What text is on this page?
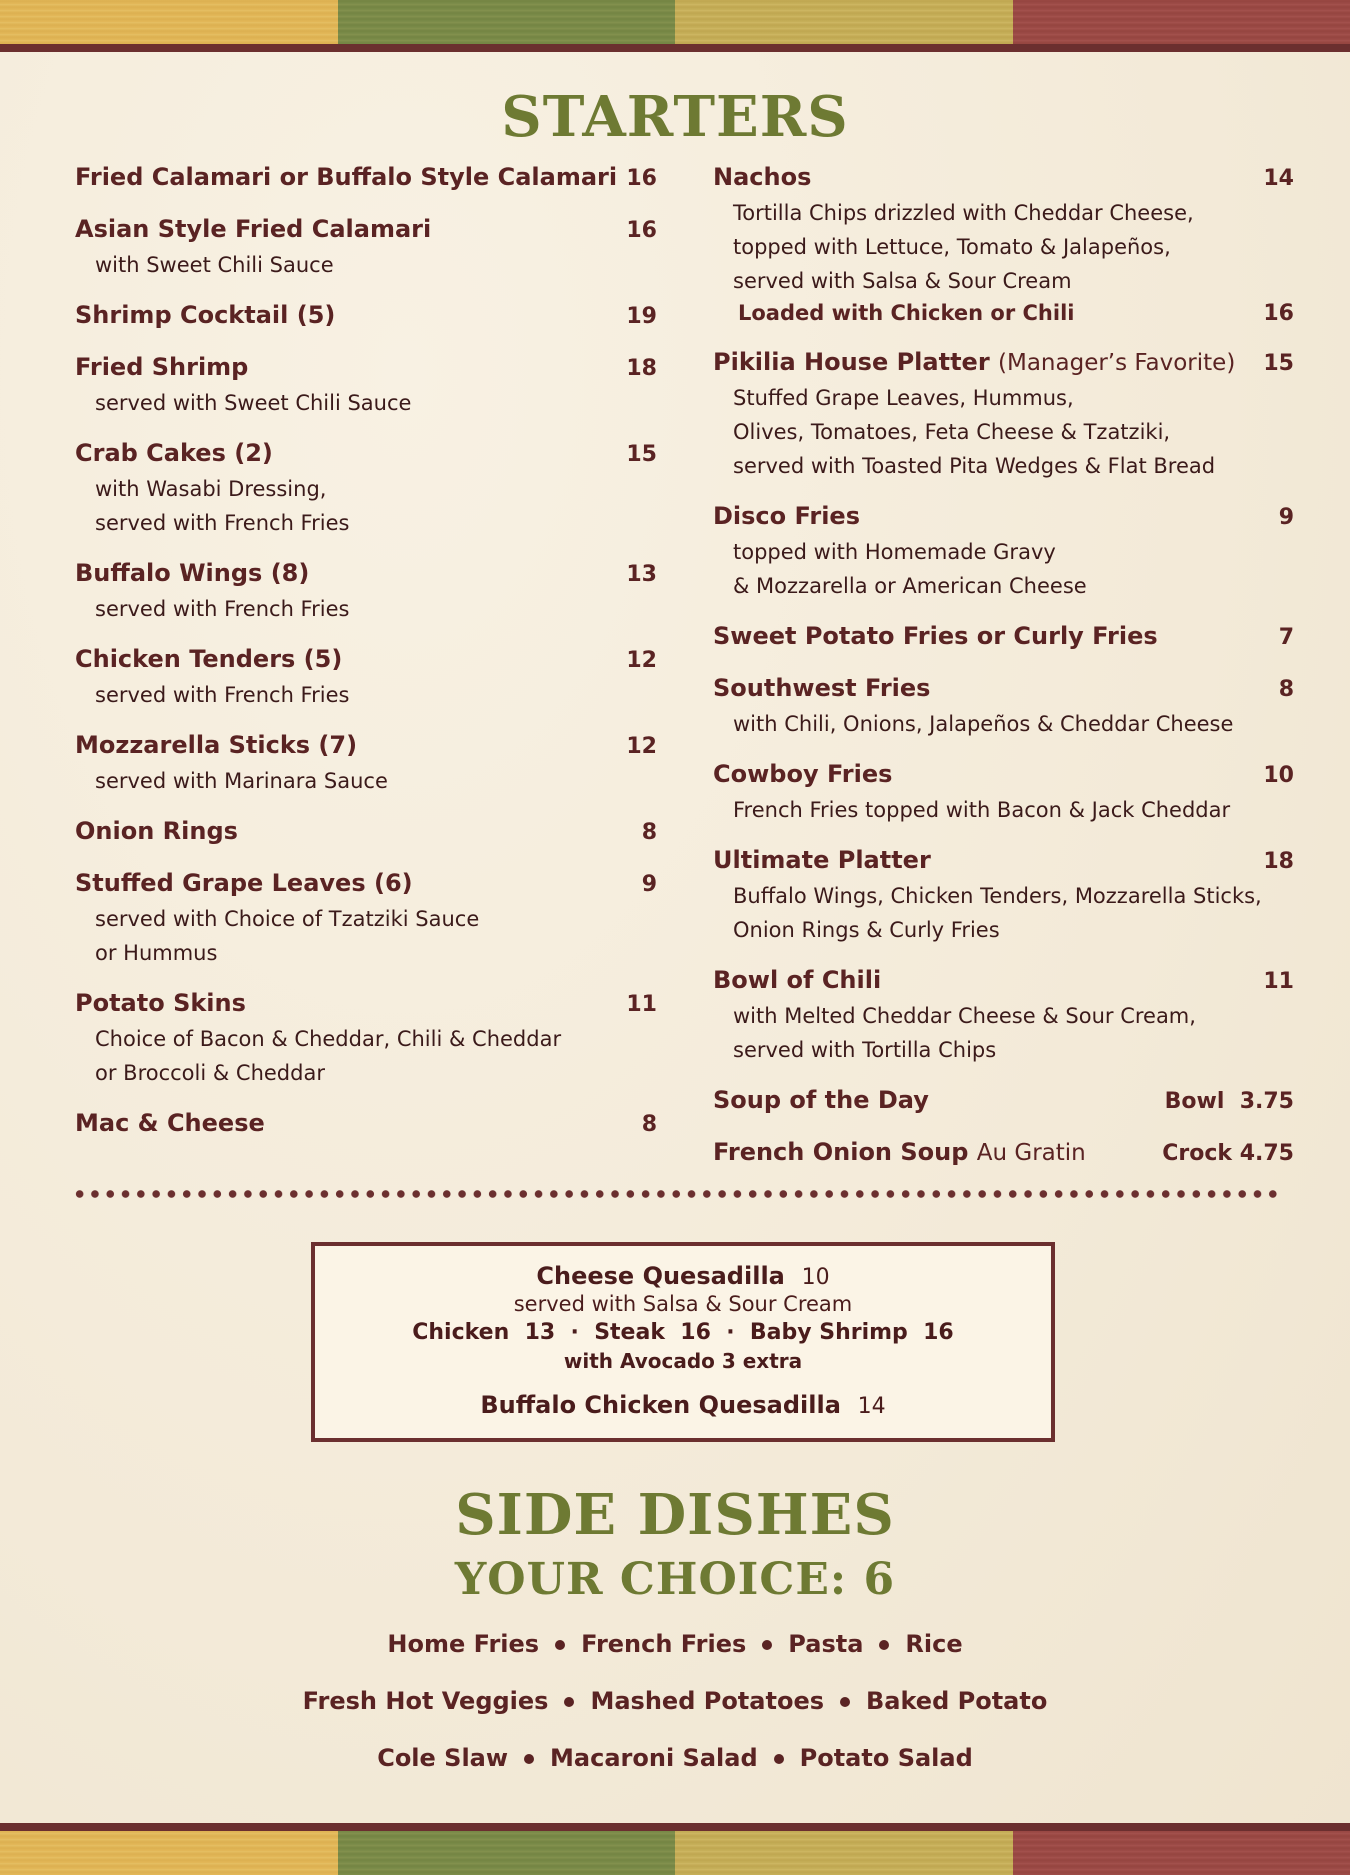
STARTERS
Fried Calamari or Buffalo Style Calamari 16
Asian Style Fried Calamari	16
with Sweet Chili Sauce
Shrimp Cocktail (5)	19
Fried Shrimp	18
served with Sweet Chili Sauce
Crab Cakes (2)	15
with Wasabi Dressing,
served with French Fries
Buffalo Wings (8)	13
served with French Fries
Chicken Tenders (5)	12
served with French Fries
Mozzarella Sticks (7)	12
served with Marinara Sauce
Onion Rings	8
Stuffed Grape Leaves (6)	9
served with Choice of Tzatziki Sauce
or Hummus
Potato Skins	11
Choice of Bacon & Cheddar, Chili & Cheddar
or Broccoli & Cheddar
Mac & Cheese	8
Nachos	14
Tortilla Chips drizzled with Cheddar Cheese,
topped with Lettuce, Tomato & Jalapeños,
served with Salsa & Sour Cream
Loaded with Chicken or Chili	16
Pikilia House Platter (Manager’s Favorite) 15
Stuffed Grape Leaves, Hummus,
Olives, Tomatoes, Feta Cheese & Tzatziki,
served with Toasted Pita Wedges & Flat Bread
Disco Fries	9
topped with Homemade Gravy
& Mozzarella or American Cheese
Sweet Potato Fries or Curly Fries	7
Southwest Fries	8
with Chili, Onions, Jalapeños & Cheddar Cheese
Cowboy Fries	10
French Fries topped with Bacon & Jack Cheddar
Ultimate Platter	18
Buffalo Wings, Chicken Tenders, Mozzarella Sticks,
Onion Rings & Curly Fries
Bowl of Chili	11
with Melted Cheddar Cheese & Sour Cream,
served with Tortilla Chips
Soup of the Day	Bowl  3.75
French Onion Soup Au Gratin	Crock 4.75
Cheese Quesadilla 10
served with Salsa & Sour Cream
Chicken  13  ·  Steak  16  ·  Baby Shrimp  16
with Avocado 3 extra
Buffalo Chicken Quesadilla 14
SIDE DISHES
YOUR CHOICE: 6
Home Fries French Fries Pasta Rice
Fresh Hot Veggies Mashed Potatoes Baked Potato
Cole Slaw Macaroni Salad Potato Salad
